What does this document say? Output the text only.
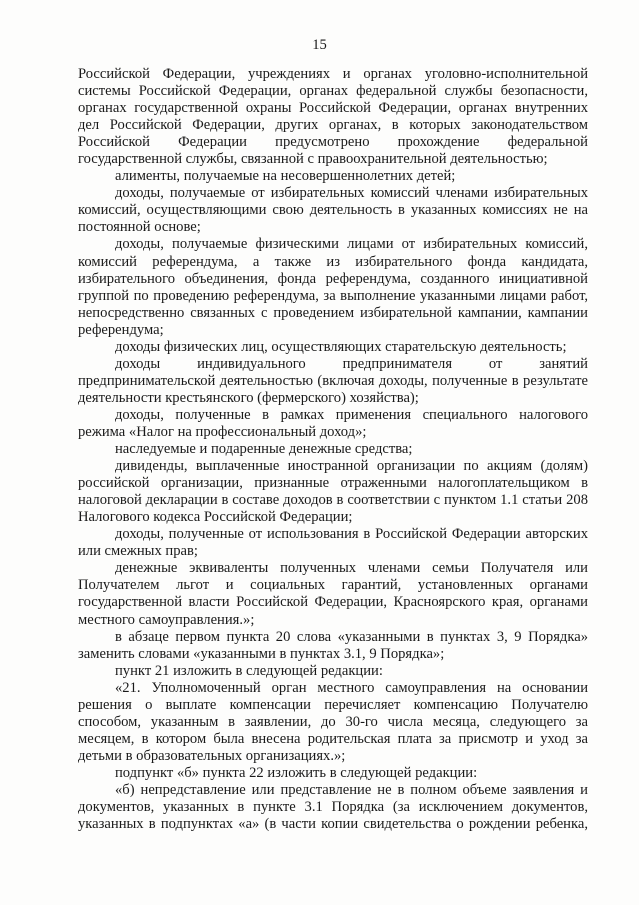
15

Российской Федерации, учреждениях и органах уголовно-исполнительной системы Российской Федерации, органах федеральной службы безопасности, органах государственной охраны Российской Федерации, органах внутренних дел Российской Федерации, других органах, в которых законодательством Российской Федерации предусмотрено прохождение федеральной государственной службы, связанной с правоохранительной деятельностью;

алименты, получаемые на несовершеннолетних детей;

доходы, получаемые от избирательных комиссий членами избирательных комиссий, осуществляющими свою деятельность в указанных комиссиях не на постоянной основе;

доходы, получаемые физическими лицами от избирательных комиссий, комиссий референдума, а также из избирательного фонда кандидата, избирательного объединения, фонда референдума, созданного инициативной группой по проведению референдума, за выполнение указанными лицами работ, непосредственно связанных с проведением избирательной кампании, кампании референдума;

доходы физических лиц, осуществляющих старательскую деятельность;

доходы индивидуального предпринимателя от занятий предпринимательской деятельностью (включая доходы, полученные в результате деятельности крестьянского (фермерского) хозяйства);

доходы, полученные в рамках применения специального налогового режима «Налог на профессиональный доход»;

наследуемые и подаренные денежные средства;

дивиденды, выплаченные иностранной организации по акциям (долям) российской организации, признанные отраженными налогоплательщиком в налоговой декларации в составе доходов в соответствии с пунктом 1.1 статьи 208 Налогового кодекса Российской Федерации;

доходы, полученные от использования в Российской Федерации авторских или смежных прав;

денежные эквиваленты полученных членами семьи Получателя или Получателем льгот и социальных гарантий, установленных органами государственной власти Российской Федерации, Красноярского края, органами местного самоуправления.»;

в абзаце первом пункта 20 слова «указанными в пунктах 3, 9 Порядка» заменить словами «указанными в пунктах 3.1, 9 Порядка»;

пункт 21 изложить в следующей редакции:

«21. Уполномоченный орган местного самоуправления на основании решения о выплате компенсации перечисляет компенсацию Получателю способом, указанным в заявлении, до 30-го числа месяца, следующего за месяцем, в котором была внесена родительская плата за присмотр и уход за детьми в образовательных организациях.»;

подпункт «б» пункта 22 изложить в следующей редакции:

«б) непредставление или представление не в полном объеме заявления и документов, указанных в пункте 3.1 Порядка (за исключением документов, указанных в подпунктах «а» (в части копии свидетельства о рождении ребенка,
